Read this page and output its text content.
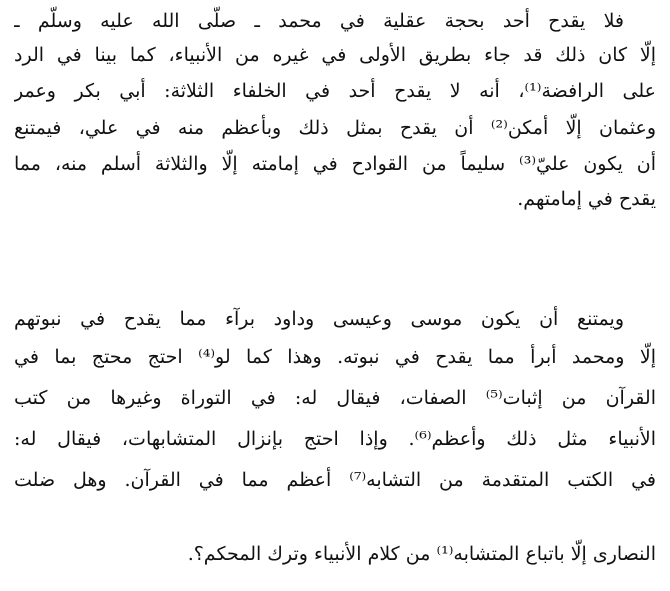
فلا يقدح أحد بحجة عقلية في محمد ـ صلّى الله عليه وسلّم ـ
إلّا كان ذلك قد جاء بطريق الأولى في غيره من الأنبياء، كما بينا في الرد
على الرافضة⁽¹⁾، أنه لا يقدح أحد في الخلفاء الثلاثة: أبي بكر وعمر
وعثمان إلّا أمكن⁽²⁾ أن يقدح بمثل ذلك وبأعظم منه في علي، فيمتنع
أن يكون عليّ⁽³⁾ سليماً من القوادح في إمامته إلّا والثلاثة أسلم منه، مما
يقدح في إمامتهم.
ويمتنع أن يكون موسى وعيسى وداود برآء مما يقدح في نبوتهم
إلّا ومحمد أبرأ مما يقدح في نبوته. وهذا كما لو⁽⁴⁾ احتج محتج بما في
القرآن من إثبات⁽⁵⁾ الصفات، فيقال له: في التوراة وغيرها من كتب
الأنبياء مثل ذلك وأعظم⁽⁶⁾. وإذا احتج بإنزال المتشابهات، فيقال له:
في الكتب المتقدمة من التشابه⁽⁷⁾ أعظم مما في القرآن. وهل ضلت
النصارى إلّا باتباع المتشابه⁽¹⁾ من كلام الأنبياء وترك المحكم؟.
